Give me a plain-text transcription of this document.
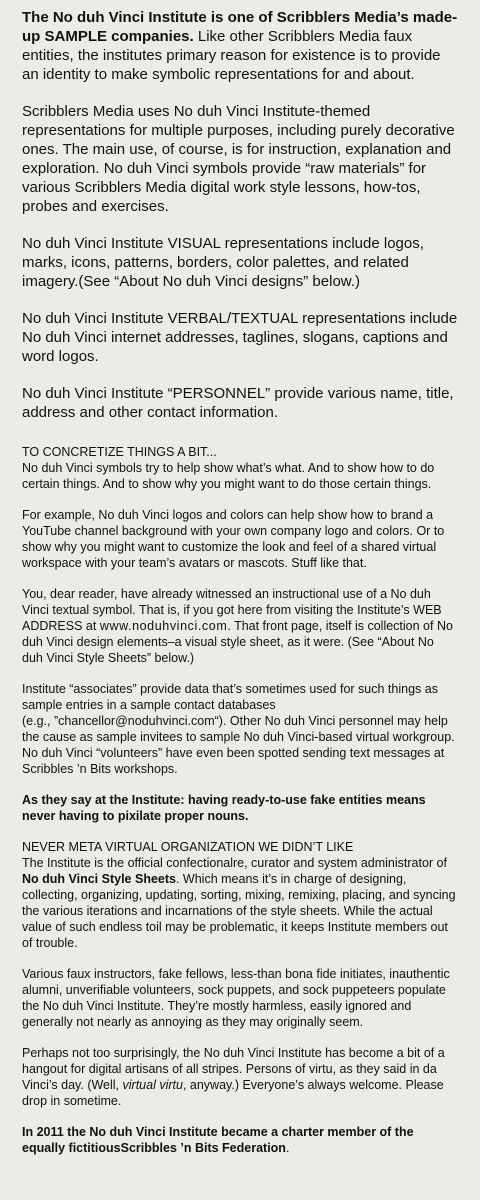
The No duh Vinci Institute is one of Scribblers Media’s made-up SAMPLE companies. Like other Scribblers Media faux entities, the institutes primary reason for existence is to provide an identity to make symbolic representations for and about.

Scribblers Media uses No duh Vinci Institute-themed representations for multiple purposes, including purely decorative ones. The main use, of course, is for instruction, explanation and exploration. No duh Vinci symbols provide “raw materials” for various Scribblers Media digital work style lessons, how-tos, probes and exercises.

No duh Vinci Institute VISUAL representations include logos, marks, icons, patterns, borders, color palettes, and related imagery.(See “About No duh Vinci designs” below.)

No duh Vinci Institute VERBAL/TEXTUAL representations include No duh Vinci internet addresses, taglines, slogans, captions and word logos.

No duh Vinci Institute “PERSONNEL” provide various name, title, address and other contact information.

TO CONCRETIZE THINGS A BIT...
No duh Vinci symbols try to help show what’s what. And to show how to do certain things. And to show why you might want to do those certain things.

For example, No duh Vinci logos and colors can help show how to brand a YouTube channel background with your own company logo and colors. Or to show why you might want to customize the look and feel of a shared virtual workspace with your team’s avatars or mascots. Stuff like that.

You, dear reader, have already witnessed an instructional use of a No duh Vinci textual symbol. That is, if you got here from visiting the Institute’s WEB ADDRESS at www.noduhvinci.com. That front page, itself is collection of No duh Vinci design elements–a visual style sheet, as it were. (See “About No duh Vinci Style Sheets” below.)

Institute “associates” provide data that’s sometimes used for such things as sample entries in a sample contact databases
(e.g., ”chancellor@noduhvinci.com“). Other No duh Vinci personnel may help the cause as sample invitees to sample No duh Vinci-based virtual workgroup. No duh Vinci “volunteers” have even been spotted sending text messages at Scribbles ’n Bits workshops.

As they say at the Institute: having ready-to-use fake entities means never having to pixilate proper nouns.

NEVER META VIRTUAL ORGANIZATION WE DIDN’T LIKE
The Institute is the official confectionalre, curator and system administrator of No duh Vinci Style Sheets. Which means it’s in charge of designing, collecting, organizing, updating, sorting, mixing, remixing, placing, and syncing the various iterations and incarnations of the style sheets. While the actual value of such endless toil may be problematic, it keeps Institute members out of trouble.

Various faux instructors, fake fellows, less-than bona fide initiates, inauthentic alumni, unverifiable volunteers, sock puppets, and sock puppeteers populate the No duh Vinci Institute. They’re mostly harmless, easily ignored and generally not nearly as annoying as they may originally seem.

Perhaps not too surprisingly, the No duh Vinci Institute has become a bit of a hangout for digital artisans of all stripes. Persons of virtu, as they said in da Vinci’s day. (Well, virtual virtu, anyway.) Everyone’s always welcome. Please drop in sometime.

In 2011 the No duh Vinci Institute became a charter member of the equally fictitiousScribbles ’n Bits Federation.
